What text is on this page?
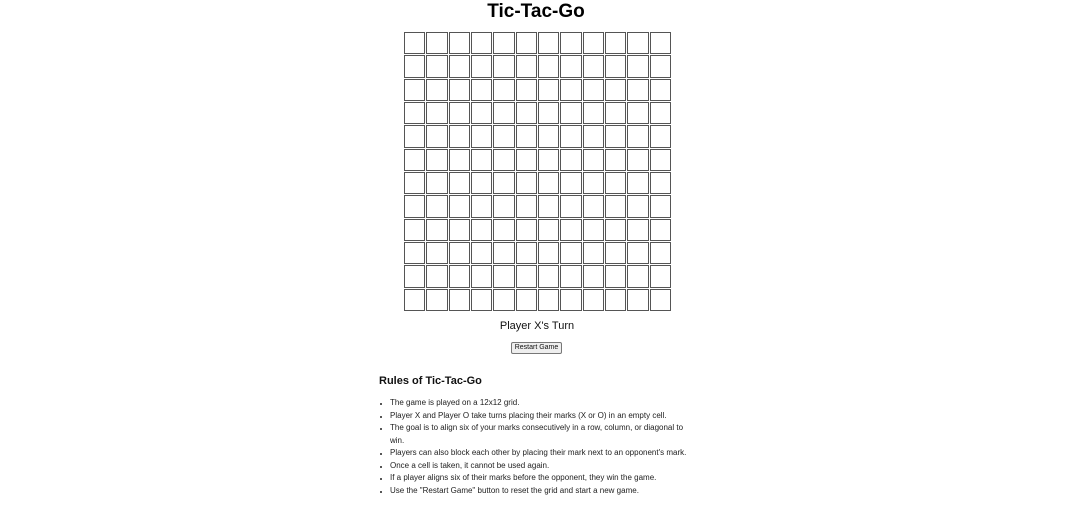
Tic-Tac-Go
Player X's Turn
Restart Game
Rules of Tic-Tac-Go
• The game is played on a 12x12 grid.
• Player X and Player O take turns placing their marks (X or O) in an empty cell.
• The goal is to align six of your marks consecutively in a row, column, or diagonal to win.
• Players can also block each other by placing their mark next to an opponent's mark.
• Once a cell is taken, it cannot be used again.
• If a player aligns six of their marks before the opponent, they win the game.
• Use the "Restart Game" button to reset the grid and start a new game.
